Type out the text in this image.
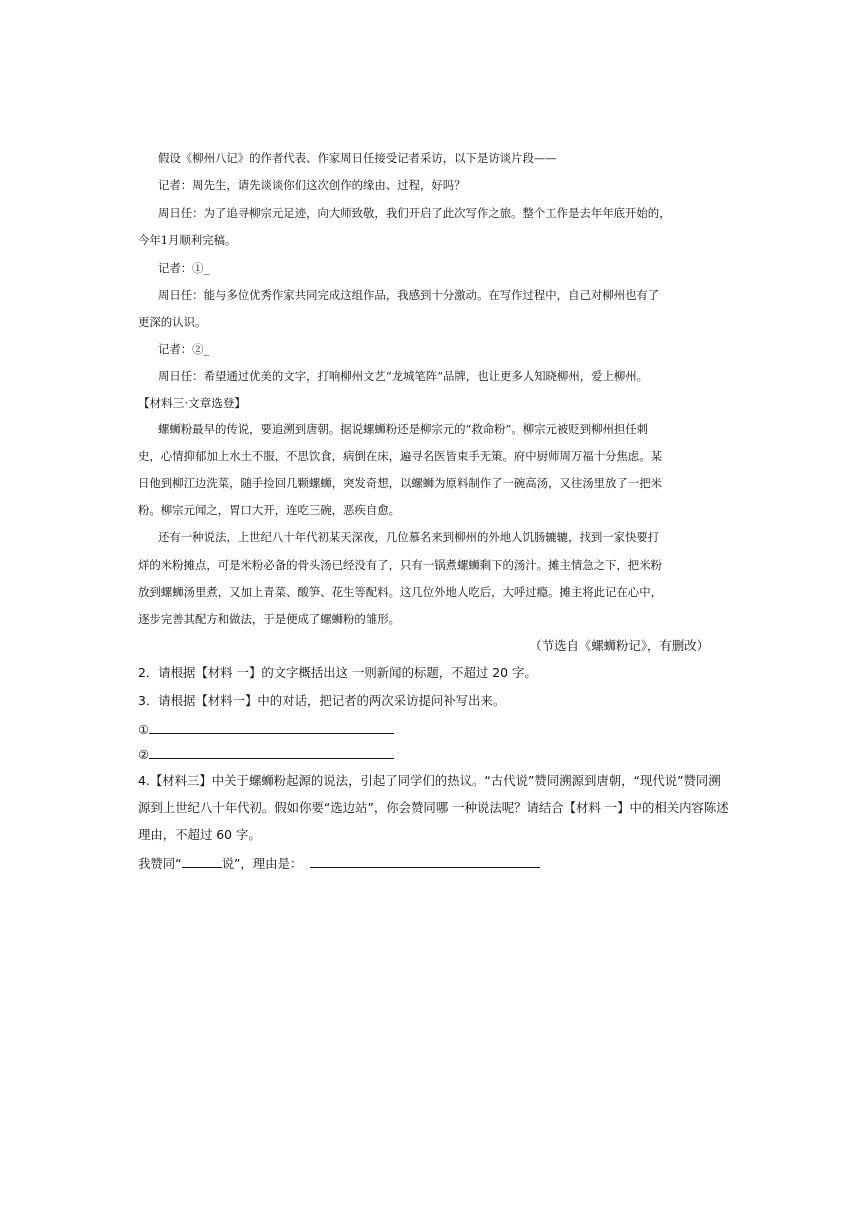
假设《柳州八记》的作者代表、作家周日任接受记者采访，以下是访谈片段——
记者：周先生，请先谈谈你们这次创作的缘由、过程，好吗？
周日任：为了追寻柳宗元足迹，向大师致敬，我们开启了此次写作之旅。整个工作是去年年底开始的，
今年1月顺利完稿。
记者：①_
周日任：能与多位优秀作家共同完成这组作品，我感到十分激动。在写作过程中，自己对柳州也有了
更深的认识。
记者：②_
周日任：希望通过优美的文字，打响柳州文艺“龙城笔阵”品牌，也让更多人知晓柳州，爱上柳州。
【材料三·文章选登】
螺蛳粉最早的传说，要追溯到唐朝。据说螺蛳粉还是柳宗元的“救命粉”。柳宗元被贬到柳州担任刺
史，心情抑郁加上水土不服，不思饮食，病倒在床，遍寻名医皆束手无策。府中厨师周万福十分焦虑。某
日他到柳江边洗菜，随手捡回几颗螺蛳，突发奇想，以螺蛳为原料制作了一碗高汤，又往汤里放了一把米
粉。柳宗元闻之，胃口大开，连吃三碗，恶疾自愈。
还有一种说法，上世纪八十年代初某天深夜，几位慕名来到柳州的外地人饥肠辘辘，找到一家快要打
烊的米粉摊点，可是米粉必备的骨头汤已经没有了，只有一锅煮螺蛳剩下的汤汁。摊主情急之下，把米粉
放到螺蛳汤里煮，又加上青菜、酸笋、花生等配料。这几位外地人吃后，大呼过瘾。摊主将此记在心中，
逐步完善其配方和做法，于是便成了螺蛳粉的雏形。
（节选自《螺蛳粉记》，有删改）
2．请根据【材料 一】的文字概括出这 一则新闻的标题，不超过 20 字。
3．请根据【材料一】中的对话，把记者的两次采访提问补写出来。
①
②
4.【材料三】中关于螺蛳粉起源的说法，引起了同学们的热议。“古代说”赞同溯源到唐朝，“现代说”赞同溯
源到上世纪八十年代初。假如你要“选边站”，你会赞同哪 一种说法呢？请结合【材料 一】中的相关内容陈述
理由，不超过 60 字。
我赞同“	说”，理由是：
